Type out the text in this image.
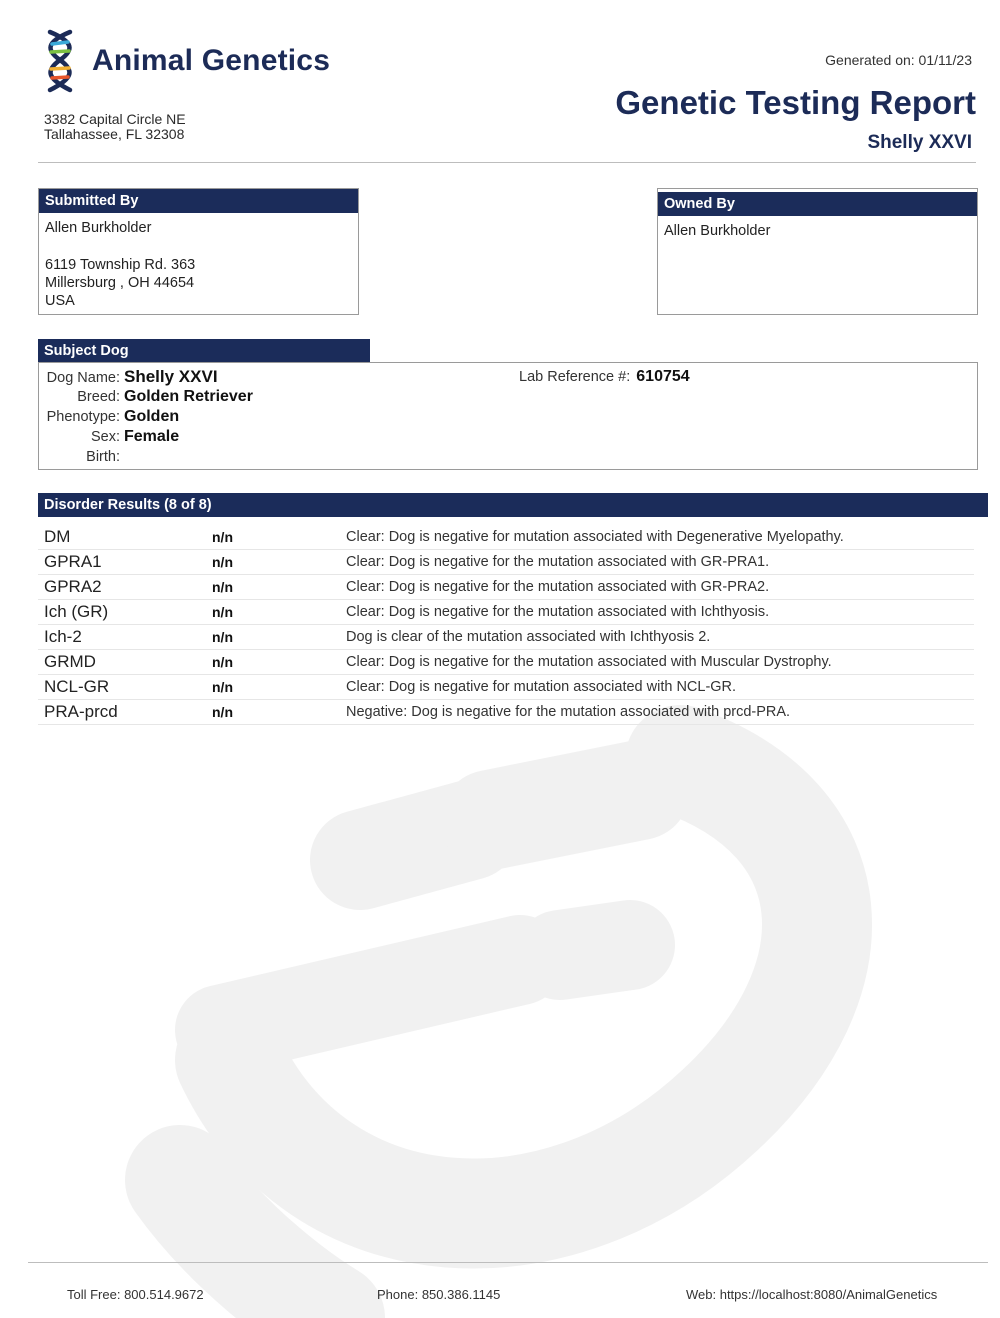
Animal Genetics
3382 Capital Circle NE
Tallahassee, FL 32308
Generated on: 01/11/23
Genetic Testing Report
Shelly XXVI
Submitted By
Allen Burkholder
6119 Township Rd. 363
Millersburg , OH 44654
USA
Owned By
Allen Burkholder
Subject Dog
Dog Name: Shelly XXVI
Breed: Golden Retriever
Phenotype: Golden
Sex: Female
Birth:
Lab Reference #: 610754
Disorder Results (8 of 8)
DM	n/n	Clear: Dog is negative for mutation associated with Degenerative Myelopathy.
GPRA1	n/n	Clear: Dog is negative for the mutation associated with GR-PRA1.
GPRA2	n/n	Clear: Dog is negative for the mutation associated with GR-PRA2.
Ich (GR)	n/n	Clear: Dog is negative for the mutation associated with Ichthyosis.
Ich-2	n/n	Dog is clear of the mutation associated with Ichthyosis 2.
GRMD	n/n	Clear: Dog is negative for the mutation associated with Muscular Dystrophy.
NCL-GR	n/n	Clear: Dog is negative for mutation associated with NCL-GR.
PRA-prcd	n/n	Negative: Dog is negative for the mutation associated with prcd-PRA.
Toll Free: 800.514.9672	Phone: 850.386.1145	Web: https://localhost:8080/AnimalGenetics
